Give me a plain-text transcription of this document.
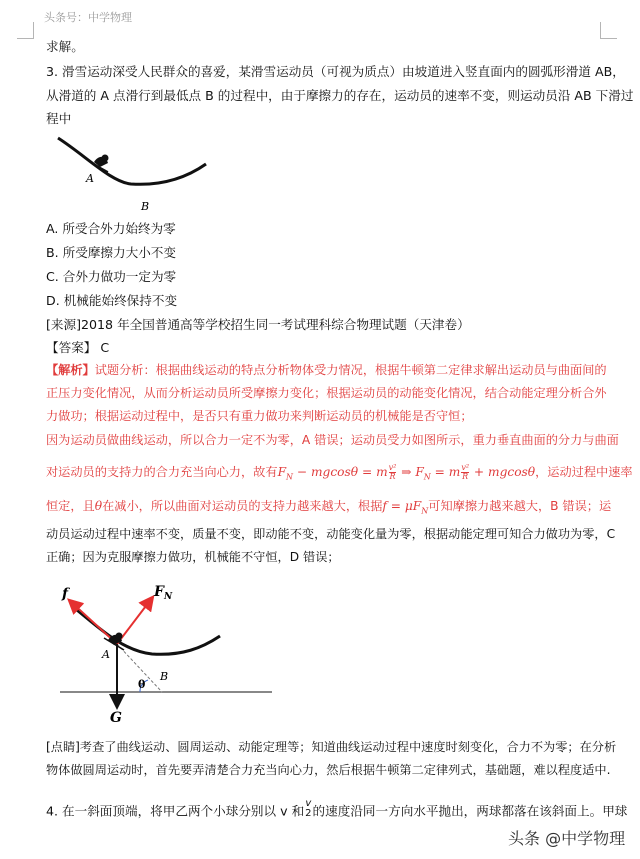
头条号：中学物理
求解。
3. 滑雪运动深受人民群众的喜爱，某滑雪运动员（可视为质点）由坡道进入竖直面内的圆弧形滑道 AB，
从滑道的 A 点滑行到最低点 B 的过程中，由于摩擦力的存在，运动员的速率不变，则运动员沿 AB 下滑过
程中
A
B
A. 所受合外力始终为零
B. 所受摩擦力大小不变
C. 合外力做功一定为零
D. 机械能始终保持不变
[来源]2018 年全国普通高等学校招生同一考试理科综合物理试题（天津卷）
【答案】 C
【解析】试题分析：根据曲线运动的特点分析物体受力情况，根据牛顿第二定律求解出运动员与曲面间的
正压力变化情况，从而分析运动员所受摩擦力变化；根据运动员的动能变化情况，结合动能定理分析合外
力做功；根据运动过程中，是否只有重力做功来判断运动员的机械能是否守恒；
因为运动员做曲线运动，所以合力一定不为零，A 错误；运动员受力如图所示，重力垂直曲面的分力与曲面
对运动员的支持力的合力充当向心力，故有$F_N - mgcos\theta = m \frac{\text{v²}}{R}$ ⇒ $F_N = m \frac{\text{v²}}{R} + mgcos\theta$，运动过程中速率
恒定，且θ在减小，所以曲面对运动员的支持力越来越大，根据$f = \mu F_N$可知摩擦力越来越大，B 错误；运
动员运动过程中速率不变，质量不变，即动能不变，动能变化量为零，根据动能定理可知合力做功为零，C
正确；因为克服摩擦力做功，机械能不守恒，D 错误；
f	$F_N$
A
B
θ
G
[点睛]考查了曲线运动、圆周运动、动能定理等；知道曲线运动过程中速度时刻变化，合力不为零；在分析
物体做圆周运动时，首先要弄清楚合力充当向心力，然后根据牛顿第二定律列式，基础题，难以程度适中.
4. 在一斜面顶端，将甲乙两个小球分别以 v 和 v
2 的速度沿同一方向水平抛出，两球都落在该斜面上。甲球
头条 @中学物理
